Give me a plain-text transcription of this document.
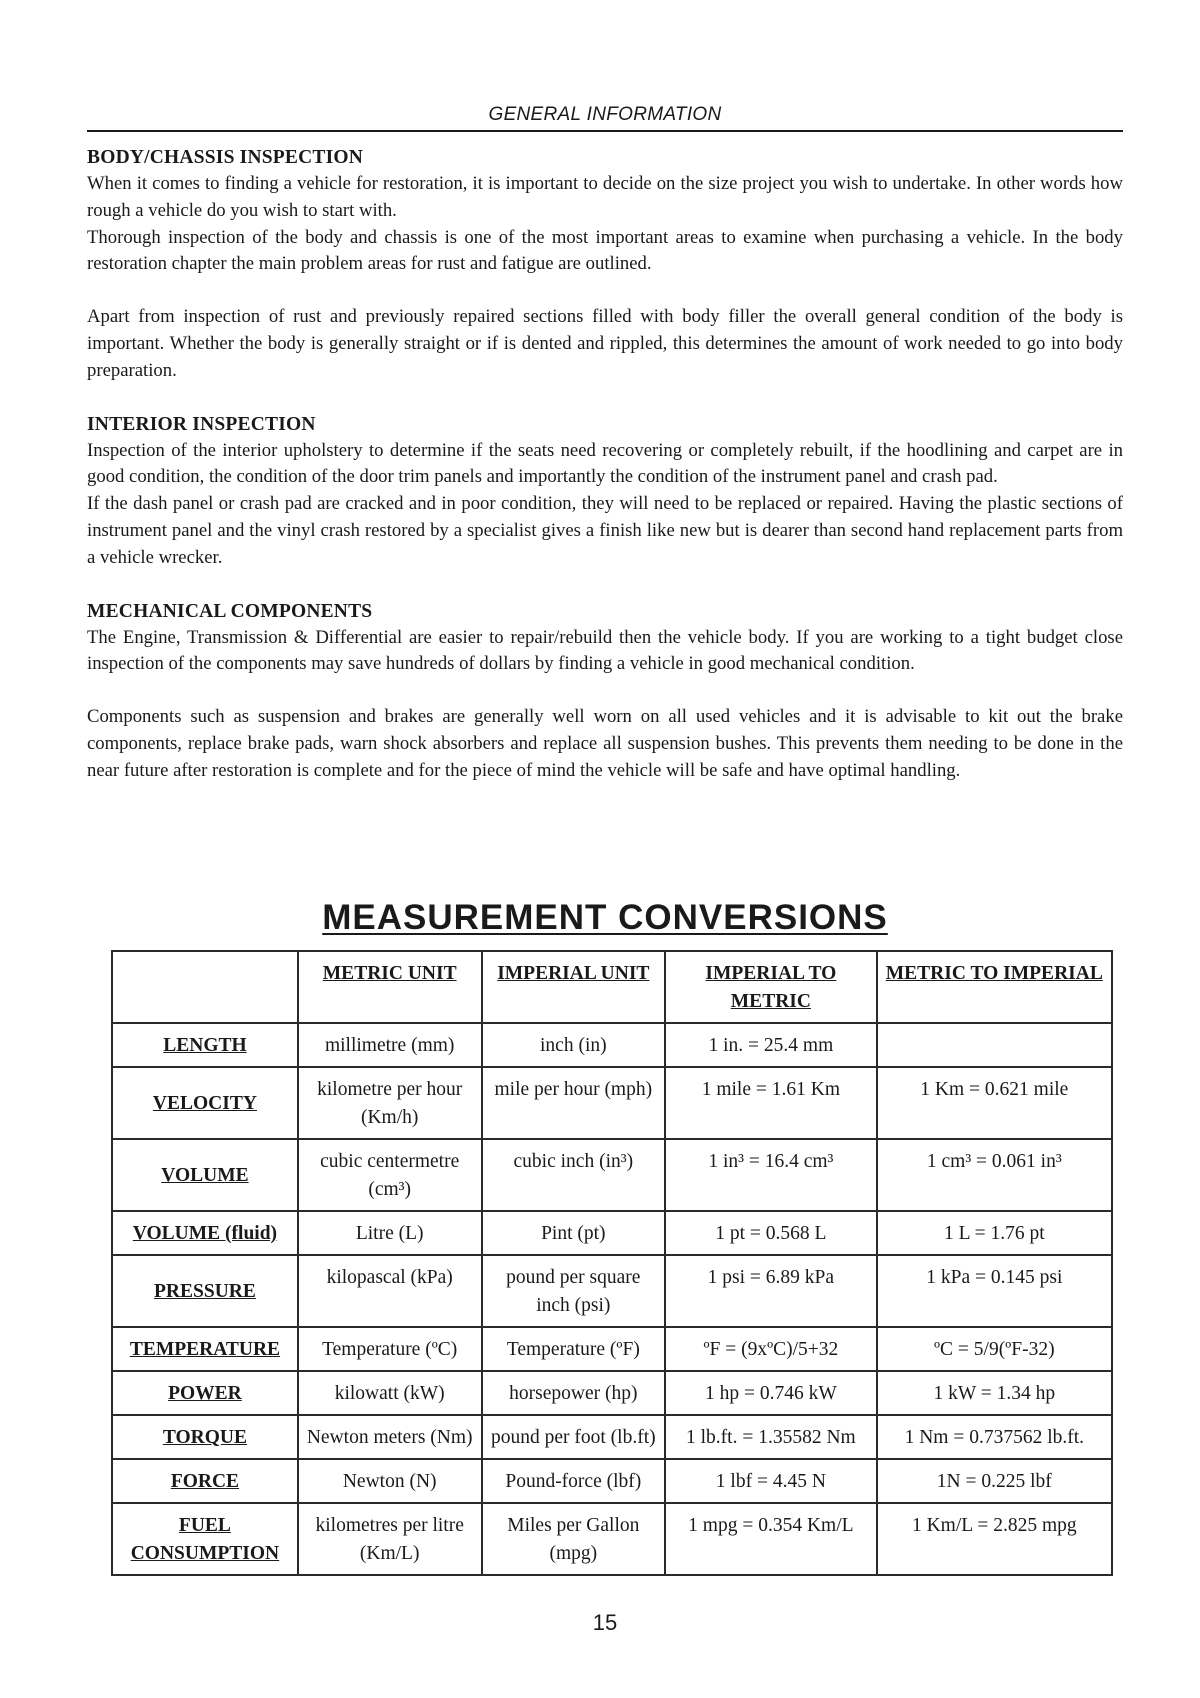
GENERAL INFORMATION
BODY/CHASSIS INSPECTION

When it comes to finding a vehicle for restoration, it is important to decide on the size project you wish to undertake. In other words how rough a vehicle do you wish to start with.

Thorough inspection of the body and chassis is one of the most important areas to examine when purchasing a vehicle. In the body restoration chapter the main problem areas for rust and fatigue are outlined.

Apart from inspection of rust and previously repaired sections filled with body filler the overall general condition of the body is important. Whether the body is generally straight or if is dented and rippled, this determines the amount of work needed to go into body preparation.

INTERIOR INSPECTION

Inspection of the interior upholstery to determine if the seats need recovering or completely rebuilt, if the hoodlining and carpet are in good condition, the condition of the door trim panels and importantly the condition of the instrument panel and crash pad.

If the dash panel or crash pad are cracked and in poor condition, they will need to be replaced or repaired. Having the plastic sections of instrument panel and the vinyl crash restored by a specialist gives a finish like new but is dearer than second hand replacement parts from a vehicle wrecker.

MECHANICAL COMPONENTS

The Engine, Transmission & Differential are easier to repair/rebuild then the vehicle body. If you are working to a tight budget close inspection of the components may save hundreds of dollars by finding a vehicle in good mechanical condition.

Components such as suspension and brakes are generally well worn on all used vehicles and it is advisable to kit out the brake components, replace brake pads, warn shock absorbers and replace all suspension bushes. This prevents them needing to be done in the near future after restoration is complete and for the piece of mind the vehicle will be safe and have optimal handling.

MEASUREMENT CONVERSIONS
	METRIC UNIT	IMPERIAL UNIT	IMPERIAL TO METRIC	METRIC TO IMPERIAL
LENGTH	millimetre (mm)	inch (in)	1 in. = 25.4 mm	
VELOCITY	kilometre per hour (Km/h)	mile per hour (mph)	1 mile = 1.61 Km	1 Km = 0.621 mile
VOLUME	cubic centermetre (cm³)	cubic inch (in³)	1 in³ = 16.4 cm³	1 cm³ = 0.061 in³
VOLUME (fluid)	Litre (L)	Pint (pt)	1 pt = 0.568 L	1 L = 1.76 pt
PRESSURE	kilopascal (kPa)	pound per square inch (psi)	1 psi = 6.89 kPa	1 kPa = 0.145 psi
TEMPERATURE	Temperature (ºC)	Temperature (ºF)	ºF = (9xºC)/5+32	ºC = 5/9(ºF-32)
POWER	kilowatt (kW)	horsepower (hp)	1 hp = 0.746 kW	1 kW = 1.34 hp
TORQUE	Newton meters (Nm)	pound per foot (lb.ft)	1 lb.ft. = 1.35582 Nm	1 Nm = 0.737562 lb.ft.
FORCE	Newton (N)	Pound-force (lbf)	1 lbf = 4.45 N	1N = 0.225 lbf
FUEL CONSUMPTION	kilometres per litre (Km/L)	Miles per Gallon (mpg)	1 mpg = 0.354 Km/L	1 Km/L = 2.825 mpg
15
